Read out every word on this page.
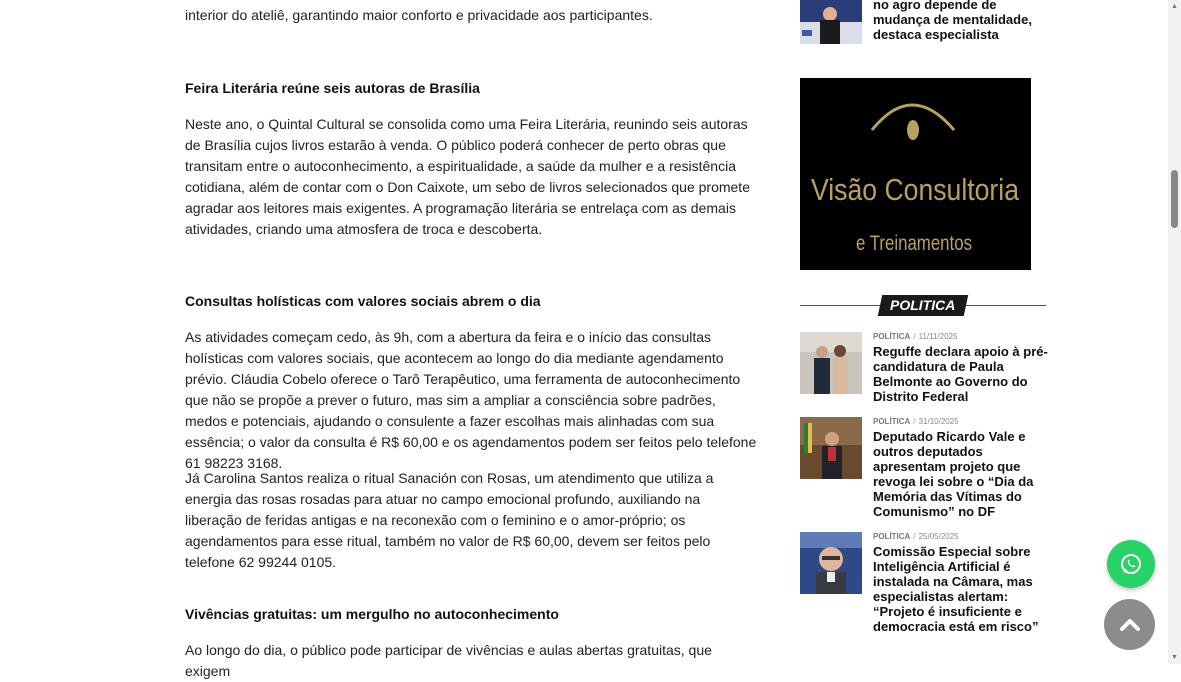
interior do ateliê, garantindo maior conforto e privacidade aos participantes.

Feira Literária reúne seis autoras de Brasília

Neste ano, o Quintal Cultural se consolida como uma Feira Literária, reunindo seis autoras de Brasília cujos livros estarão à venda. O público poderá conhecer de perto obras que transitam entre o autoconhecimento, a espiritualidade, a saúde da mulher e a resistência cotidiana, além de contar com o Don Caixote, um sebo de livros selecionados que promete agradar aos leitores mais exigentes. A programação literária se entrelaça com as demais atividades, criando uma atmosfera de troca e descoberta.

Consultas holísticas com valores sociais abrem o dia

As atividades começam cedo, às 9h, com a abertura da feira e o início das consultas holísticas com valores sociais, que acontecem ao longo do dia mediante agendamento prévio. Cláudia Cobelo oferece o Tarô Terapêutico, uma ferramenta de autoconhecimento que não se propõe a prever o futuro, mas sim a ampliar a consciência sobre padrões, medos e potenciais, ajudando o consulente a fazer escolhas mais alinhadas com sua essência; o valor da consulta é R$ 60,00 e os agendamentos podem ser feitos pelo telefone 61 98223 3168.

Já Carolina Santos realiza o ritual Sanación con Rosas, um atendimento que utiliza a energia das rosas rosadas para atuar no campo emocional profundo, auxiliando na liberação de feridas antigas e na reconexão com o feminino e o amor-próprio; os agendamentos para esse ritual, também no valor de R$ 60,00, devem ser feitos pelo telefone 62 99244 0105.

Vivências gratuitas: um mergulho no autoconhecimento

Ao longo do dia, o público pode participar de vivências e aulas abertas gratuitas, que exigem

no agro depende de mudança de mentalidade, destaca especialista
Visão Consultoria
e Treinamentos
POLITICA
POLÍTICA / 11/11/2025
Reguffe declara apoio à pré-candidatura de Paula Belmonte ao Governo do Distrito Federal
POLÍTICA / 31/10/2025
Deputado Ricardo Vale e outros deputados apresentam projeto que revoga lei sobre o “Dia da Memória das Vítimas do Comunismo” no DF
POLÍTICA / 25/05/2025
Comissão Especial sobre Inteligência Artificial é instalada na Câmara, mas especialistas alertam: “Projeto é insuficiente e democracia está em risco”
▲
▼
